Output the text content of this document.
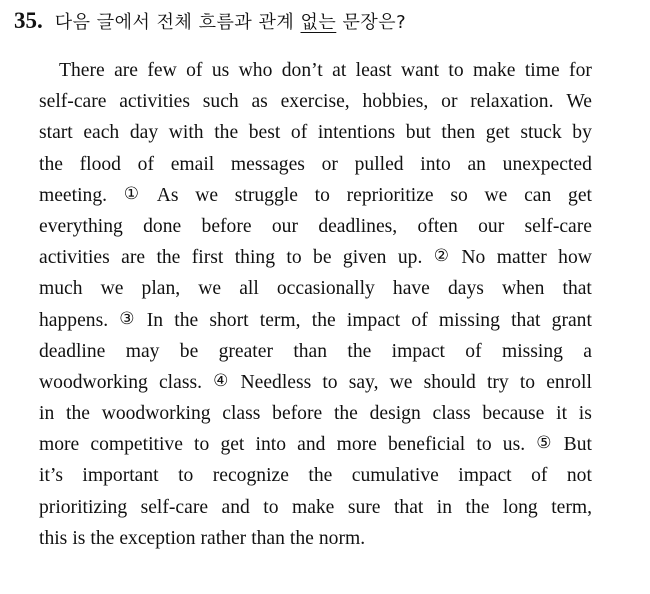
35. 다음 글에서 전체 흐름과 관계 없는 문장은?
There are few of us who don’t at least want to make time for
self-care activities such as exercise, hobbies, or relaxation. We
start each day with the best of intentions but then get stuck by
the flood of email messages or pulled into an unexpected
meeting. ① As we struggle to reprioritize so we can get
everything done before our deadlines, often our self-care
activities are the first thing to be given up. ② No matter how
much we plan, we all occasionally have days when that
happens. ③ In the short term, the impact of missing that grant
deadline may be greater than the impact of missing a
woodworking class. ④ Needless to say, we should try to enroll
in the woodworking class before the design class because it is
more competitive to get into and more beneficial to us. ⑤ But
it’s important to recognize the cumulative impact of not
prioritizing self-care and to make sure that in the long term,
this is the exception rather than the norm.
